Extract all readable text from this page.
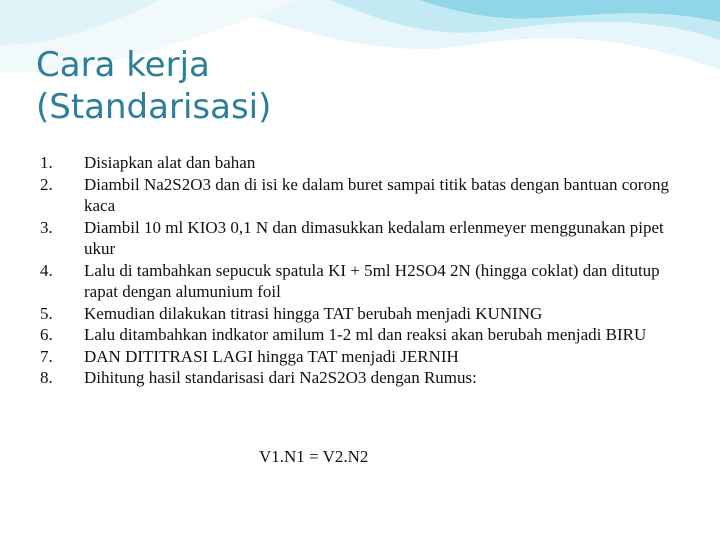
Cara kerja
(Standarisasi)
1.	Disiapkan alat dan bahan
2.	Diambil Na2S2O3 dan di isi ke dalam buret sampai titik batas dengan bantuan corong kaca
3.	Diambil 10 ml KIO3 0,1 N dan dimasukkan kedalam erlenmeyer menggunakan pipet ukur
4.	Lalu di tambahkan sepucuk spatula KI + 5ml H2SO4 2N (hingga coklat) dan ditutup rapat dengan alumunium foil
5.	Kemudian dilakukan titrasi hingga TAT berubah menjadi KUNING
6.	Lalu ditambahkan indkator amilum 1-2 ml dan reaksi akan berubah menjadi BIRU
7.	DAN DITITRASI LAGI hingga TAT menjadi JERNIH
8.	Dihitung hasil standarisasi dari Na2S2O3 dengan Rumus:
V1.N1 = V2.N2
